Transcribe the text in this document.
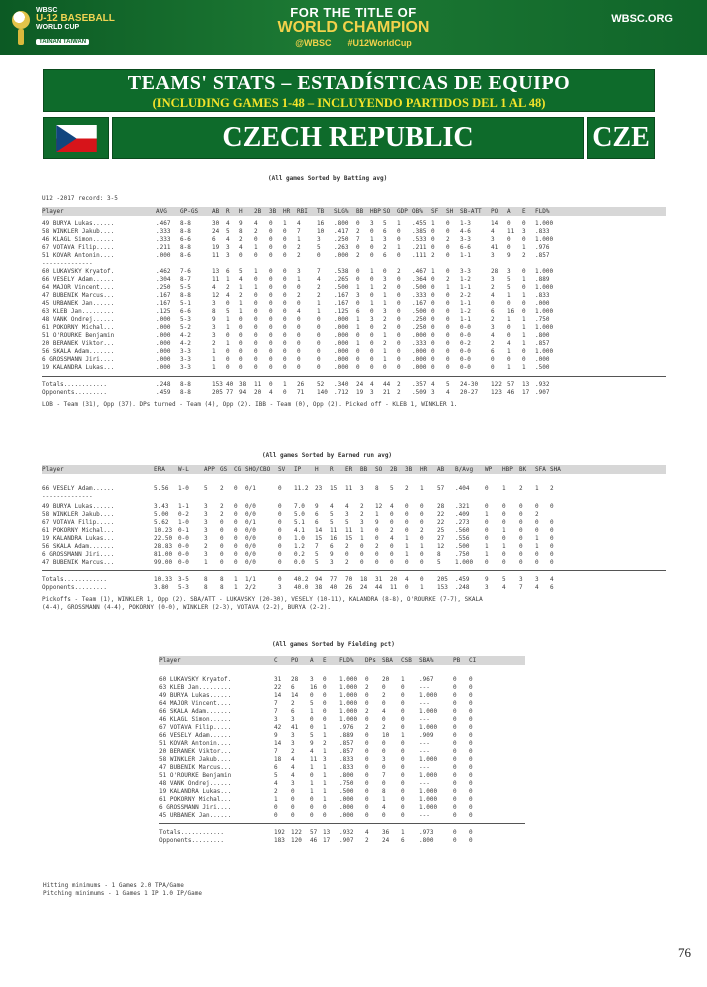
WBSC
U-12 BASEBALL
WORLD CUP
TAINAN TAIWAN
FOR THE TITLE OF
WORLD CHAMPION
@WBSC #U12WorldCup
WBSC.ORG
TEAMS' STATS – ESTADÍSTICAS DE EQUIPO
(INCLUDING GAMES 1-48 – INCLUYENDO PARTIDOS DEL 1 AL 48)
CZECH REPUBLIC	CZE
(All games Sorted by Batting avg)
U12 -2017 record: 3-5
Player	AVG GP-GS AB R H 2B 3B HR RBI TB SLG% BB HBP SO GDP OB% SF SH SB-ATT PO A E FLD%
49 BURYA Lukas......	.467 8-8	30 4 9 4 0 1 4	16 .800 0 3 5 1 .455 1 0 1-3	14 0 0 1.000
58 WINKLER Jakub....	.333 8-8	24 5 8 2 0 0 7	10 .417 2 0 6 0 .385 0 0 4-6	4 11 3 .833
46 KLAGL Simon......	.333 6-6	6 4 2 0 0 0 1	3 .250 7 1 3 0 .533 0 2 3-3	3 0 0 1.000
67 VOTAVA Filip.....	.211 8-8	19 3 4 1 0 0 2	5 .263 0 0 2 1 .211 0 0 6-6	41 0 1 .976
51 KOVAR Antonin....	.000 8-6	11 3 0 0 0 0 2	0 .000 2 0 6 0 .111 2 0 1-1	3 9 2 .857
--------------
60 LUKAVSKY Kryatof.	.462 7-6	13 6 5 1 0 0 3	7 .538 0 1 0 2 .467 1 0 3-3	28 3 0 1.000
66 VESELY Adam......	.304 8-7	11 1 4 0 0 0 1	4 .265 0 0 3 0 .364 0 2 1-2	3 5 1 .889
64 MAJOR Vincent....	.250 5-5	4 2 1 1 0 0 0	2 .500 1 1 2 0 .500 0 1 1-1	2 5 0 1.000
47 BUBENIK Marcus...	.167 8-8	12 4 2 0 0 0 2	2 .167 3 0 1 0 .333 0 0 2-2	4 1 1 .833
45 URBANEK Jan......	.167 5-1	3 0 1 0 0 0 0	1 .167 0 1 1 0 .167 0 0 1-1	0 0 0 .000
63 KLEB Jan.........	.125 6-6	8 5 1 0 0 0 4	1 .125 6 0 3 0 .500 0 0 1-2	6 16 0 1.000
48 VANK Ondrej......	.000 5-3	9 1 0 0 0 0 0	0 .000 1 3 2 0 .250 0 0 1-1	2 1 1 .750
61 POKORNY Michal...	.000 5-2	3 1 0 0 0 0 0	0 .000 1 0 2 0 .250 0 0 0-0	3 0 1 1.000
51 O'ROURKE Benjamin	.000 4-2	3 0 0 0 0 0 0	0 .000 0 0 1 0 .000 0 0 0-0	4 0 1 .800
20 BERANEK Viktor...	.000 4-2	2 1 0 0 0 0 0	0 .000 1 0 2 0 .333 0 0 0-2	2 4 1 .857
56 SKALA Adam.......	.000 3-3	1 0 0 0 0 0 0	0 .000 0 0 1 0 .000 0 0 0-0	6 1 0 1.000
6 GROSSMANN Jiri....	.000 3-3	1 0 0 0 0 0 0	0 .000 0 0 1 0 .000 0 0 0-0	0 0 0 .000
19 KALANDRA Lukas...	.000 3-3	1 0 0 0 0 0 0	0 .000 0 0 0 0 .000 0 0 0-0	0 1 1 .500
Totals............	.248 8-8	153 40 38 11 0 1 26 52 .340 24 4 44 2 .357 4 5 24-30 122 57 13 .932
Opponents.........	.459 8-8	205 77 94 20 4 0 71 140 .712 19 3 21 2 .509 3 4 20-27 123 46 17 .907
LOB - Team (31), Opp (37). DPs turned - Team (4), Opp (2). IBB - Team (0), Opp (2). Picked off - KLEB 1, WINKLER 1.
(All games Sorted by Earned run avg)
Player	ERA W-L	APP GS CG SHO/CBO SV IP H R ER BB SO 2B 3B HR AB B/Avg WP HBP BK SFA SHA
66 VESELY Adam......	5.56 1-0	5 2 0 0/1	0 11.2 23 15 11 3 8 5 2 1 57 .404	0 1 2 1 2
--------------
49 BURYA Lukas......	3.43 1-1	3 2 0 0/0	0 7.0 9 4 4 2 12 4 0 0 28 .321	0 0 0 0 0
58 WINKLER Jakub....	5.00 0-2	3 2 0 0/0	0 5.0 6 5 3 2 1 0 0 0 22 .409	1 0 0 2
67 VOTAVA Filip.....	5.62 1-0	3 0 0 0/1	0 5.1 6 5 5 3 9 0 0 0 22 .273	0 0 0 0 0
61 POKORNY Michal...	10.23 0-1	3 0 0 0/0	0 4.1 14 11 11 1 0 2 0 2 25 .560	0 1 0 0 0
19 KALANDRA Lukas...	22.50 0-0	3 0 0 0/0	0 1.0 15 16 15 1 0 4 1 0 27 .556	0 0 0 1 0
56 SKALA Adam.......	28.83 0-0	2 0 0 0/0	0 1.2 7 6 2 0 2 0 1 1 12 .500	1 1 0 1 0
6 GROSSMANN Jiri....	81.00 0-0	3 0 0 0/0	0 0.2 5 9 0 0 0 0 1 0 8 .750	1 0 0 0 0
47 BUBENIK Marcus...	99.00 0-0	1 0 0 0/0	0 0.0 5 3 2 0 0 0 0 0 5 1.000 0 0 0 0 0
Totals............	10.33 3-5	8 8 1 1/1	0 40.2 94 77 70 18 31 20 4 0 205 .459	9 5 3 3 4
Opponents.........	3.80 5-3	8 8 1 2/2	3 40.0 38 40 26 24 44 11 0 1 153 .248	3 4 7 4 6
Pickoffs - Team (1), WINKLER 1, Opp (2). SBA/ATT - LUKAVSKY (20-30), VESELY (10-11), KALANDRA (8-8), O'ROURKE (7-7), SKALA
(4-4), GROSSMANN (4-4), POKORNY (0-0), WINKLER (2-3), VOTAVA (2-2), BURYA (2-2).
(All games Sorted by Fielding pct)
Player	C PO A E FLD% DPs SBA CSB SBA%	PB CI
60 LUKAVSKY Kryatof.	31 28 3 0 1.000 0 20 1 .967	0 0
63 KLEB Jan.........	22 6	16 0 1.000 2 0	0 ---	0 0
49 BURYA Lukas......	14 14 0 0 1.000 0 2	0 1.000	0 0
64 MAJOR Vincent....	7 2	5 0 1.000 0 0	0 ---	0 0
66 SKALA Adam.......	7 6	1 0 1.000 2 4	0 1.000	0 0
46 KLAGL Simon......	3 3	0 0 1.000 0 0	0 ---	0 0
67 VOTAVA Filip.....	42 41 0 1 .976 2 2	0 1.000	0 0
66 VESELY Adam......	9 3	5 1 .889 0 10 1 .909	0 0
51 KOVAR Antonin....	14 3	9 2 .857 0 0	0 ---	0 0
20 BERANEK Viktor...	7 2	4 1 .857 0 0	0 ---	0 0
58 WINKLER Jakub....	18 4	11 3 .833 0 3	0 1.000	0 0
47 BUBENIK Marcus...	6 4	1 1 .833 0 0	0 ---	0 0
51 O'ROURKE Benjamin	5 4	0 1 .800 0 7	0 1.000	0 0
48 VANK Ondrej......	4 3	1 1 .750 0 0	0 ---	0 0
19 KALANDRA Lukas...	2 0	1 1 .500 0 8	0 1.000	0 0
61 POKORNY Michal...	1 0	0 1 .000 0 1	0 1.000	0 0
6 GROSSMANN Jiri....	0 0	0 0 .000 0 4	0 1.000	0 0
45 URBANEK Jan......	0 0	0 0 .000 0 0	0 ---	0 0
Totals............	192 122 57 13 .932 4 36 1 .973	0 0
Opponents.........	183 120 46 17 .907 2 24 6 .800	0 0
Hitting minimums - 1 Games 2.0 TPA/Game
Pitching minimums - 1 Games 1 IP 1.0 IP/Game
76
